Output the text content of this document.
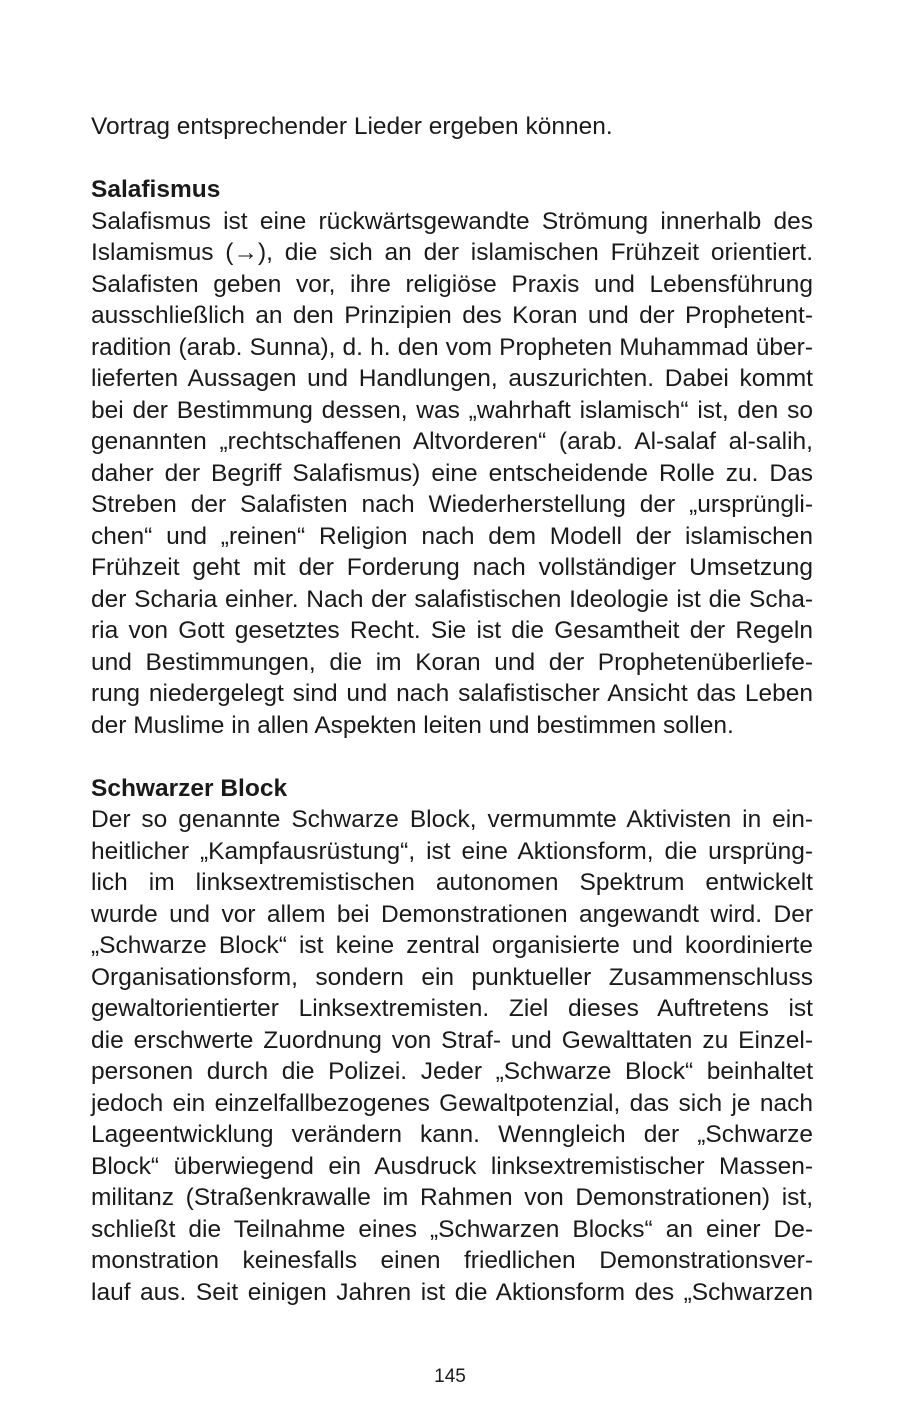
Vortrag entsprechender Lieder ergeben können.
Salafismus
Salafismus ist eine rückwärtsgewandte Strömung innerhalb des
Islamismus (→), die sich an der islamischen Frühzeit orientiert.
Salafisten geben vor, ihre religiöse Praxis und Lebensführung
ausschließlich an den Prinzipien des Koran und der Prophetent-
radition (arab. Sunna), d. h. den vom Propheten Muhammad über-
lieferten Aussagen und Handlungen, auszurichten. Dabei kommt
bei der Bestimmung dessen, was „wahrhaft islamisch“ ist, den so
genannten „rechtschaffenen Altvorderen“ (arab. Al-salaf al-salih,
daher der Begriff Salafismus) eine entscheidende Rolle zu. Das
Streben der Salafisten nach Wiederherstellung der „ursprüngli-
chen“ und „reinen“ Religion nach dem Modell der islamischen
Frühzeit geht mit der Forderung nach vollständiger Umsetzung
der Scharia einher. Nach der salafistischen Ideologie ist die Scha-
ria von Gott gesetztes Recht. Sie ist die Gesamtheit der Regeln
und Bestimmungen, die im Koran und der Prophetenüberliefe-
rung niedergelegt sind und nach salafistischer Ansicht das Leben
der Muslime in allen Aspekten leiten und bestimmen sollen.
Schwarzer Block
Der so genannte Schwarze Block, vermummte Aktivisten in ein-
heitlicher „Kampfausrüstung“, ist eine Aktionsform, die ursprüng-
lich im linksextremistischen autonomen Spektrum entwickelt
wurde und vor allem bei Demonstrationen angewandt wird. Der
„Schwarze Block“ ist keine zentral organisierte und koordinierte
Organisationsform, sondern ein punktueller Zusammenschluss
gewaltorientierter Linksextremisten. Ziel dieses Auftretens ist
die erschwerte Zuordnung von Straf- und Gewalttaten zu Einzel-
personen durch die Polizei. Jeder „Schwarze Block“ beinhaltet
jedoch ein einzelfallbezogenes Gewaltpotenzial, das sich je nach
Lageentwicklung verändern kann. Wenngleich der „Schwarze
Block“ überwiegend ein Ausdruck linksextremistischer Massen-
militanz (Straßenkrawalle im Rahmen von Demonstrationen) ist,
schließt die Teilnahme eines „Schwarzen Blocks“ an einer De-
monstration keinesfalls einen friedlichen Demonstrationsver-
lauf aus. Seit einigen Jahren ist die Aktionsform des „Schwarzen
145
